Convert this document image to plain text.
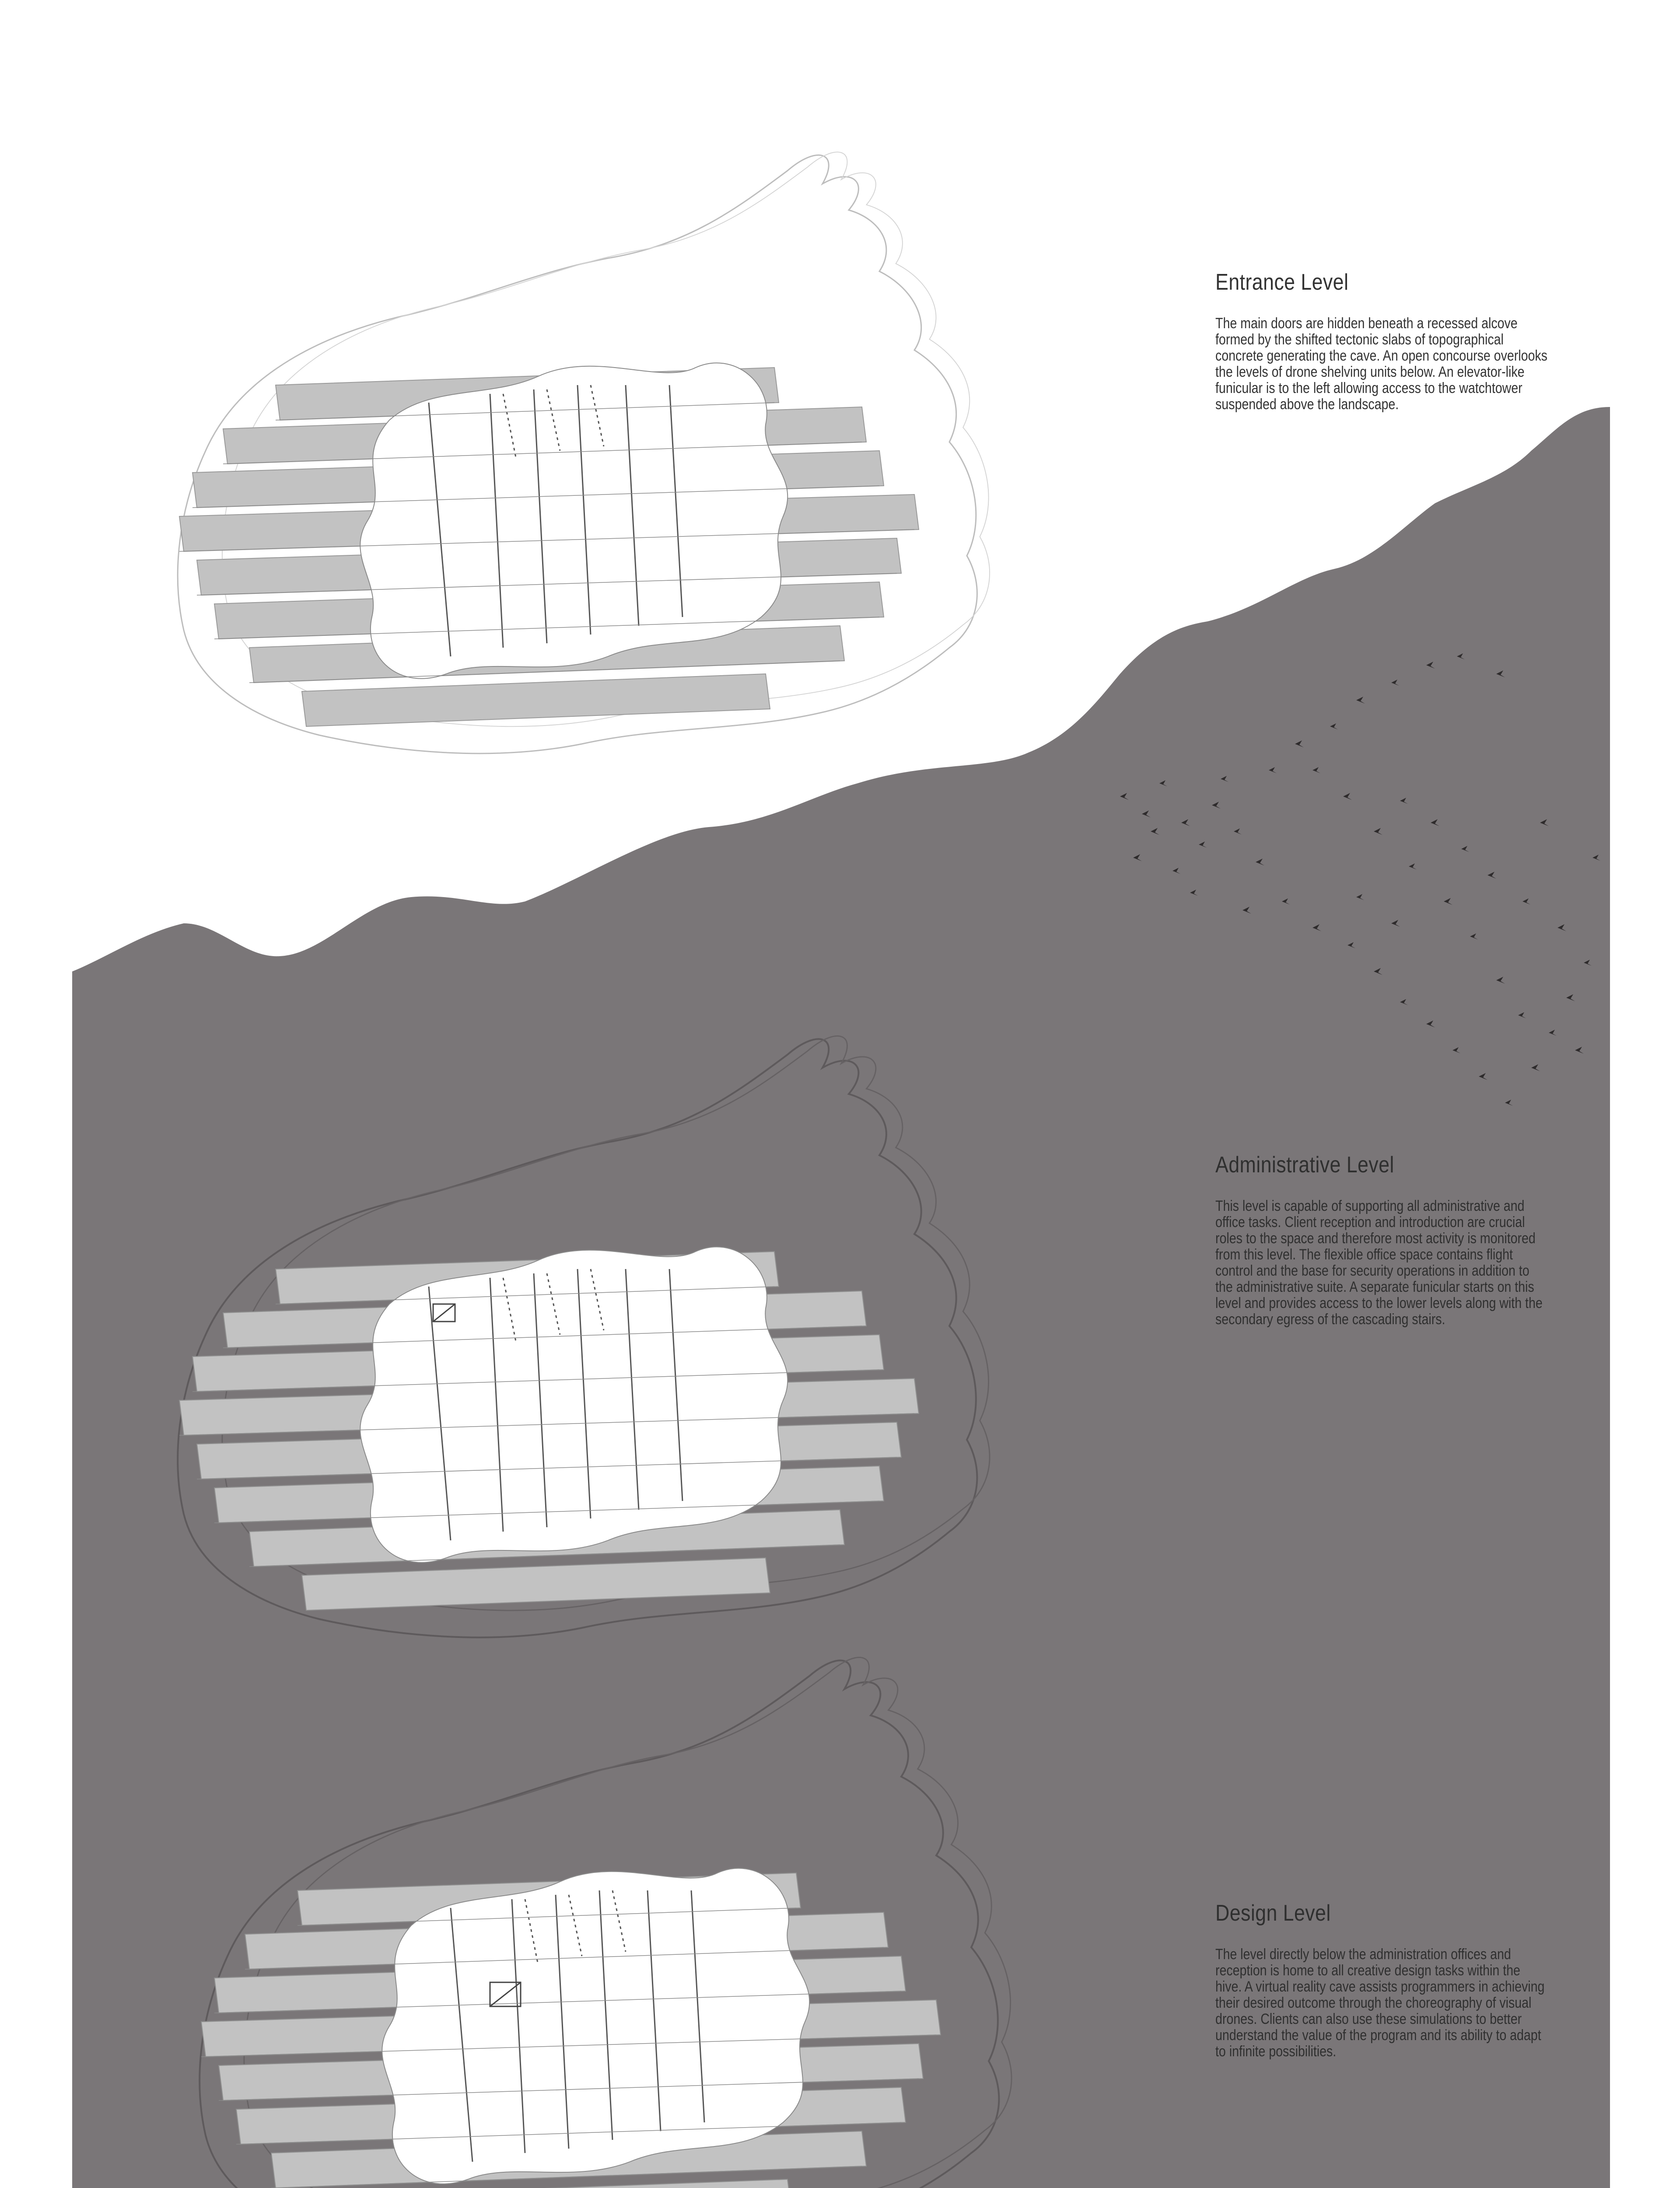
Entrance Level

The main doors are hidden beneath a recessed alcove formed by the shifted tectonic slabs of topographical concrete generating the cave. An open concourse overlooks the levels of drone shelving units below. An elevator-like funicular is to the left allowing access to the watchtower suspended above the landscape.

Administrative Level

This level is capable of supporting all administrative and office tasks. Client reception and introduction are crucial roles to the space and therefore most activity is monitored from this level. The flexible office space contains flight control and the base for security operations in addition to the administrative suite. A separate funicular starts on this level and provides access to the lower levels along with the secondary egress of the cascading stairs.

Design Level

The level directly below the administration offices and reception is home to all creative design tasks within the hive. A virtual reality cave assists programmers in achieving their desired outcome through the choreography of visual drones. Clients can also use these simulations to better understand the value of the program and its ability to adapt to infinite possibilities.
